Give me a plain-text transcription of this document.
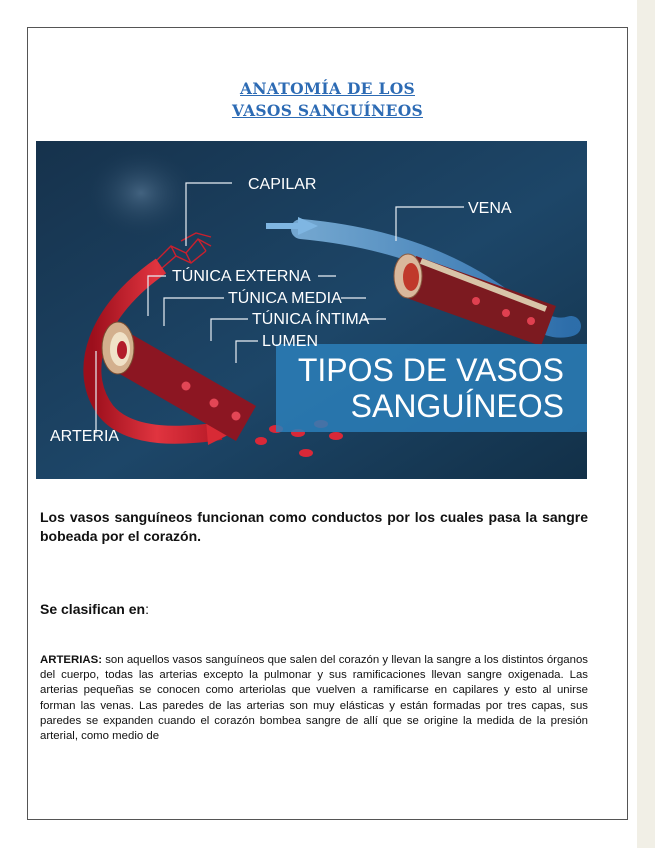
ANATOMÍA DE LOS
VASOS SANGUÍNEOS
CAPILAR
VENA
TÚNICA EXTERNA
TÚNICA MEDIA
TÚNICA ÍNTIMA
LUMEN
ARTERIA
TIPOS DE VASOS
SANGUÍNEOS
Los vasos sanguíneos funcionan como conductos por los cuales pasa la sangre bobeada por el corazón.
Se clasifican en:
ARTERIAS: son aquellos vasos sanguíneos que salen del corazón y llevan la sangre a los distintos órganos del cuerpo, todas las arterias excepto la pulmonar y sus ramificaciones llevan sangre oxigenada. Las arterias pequeñas se conocen como arteriolas que vuelven a ramificarse en capilares y esto al unirse forman las venas. Las paredes de las arterias son muy elásticas y están formadas por tres capas, sus paredes se expanden cuando el corazón bombea sangre de allí que se origine la medida de la presión arterial, como medio de
